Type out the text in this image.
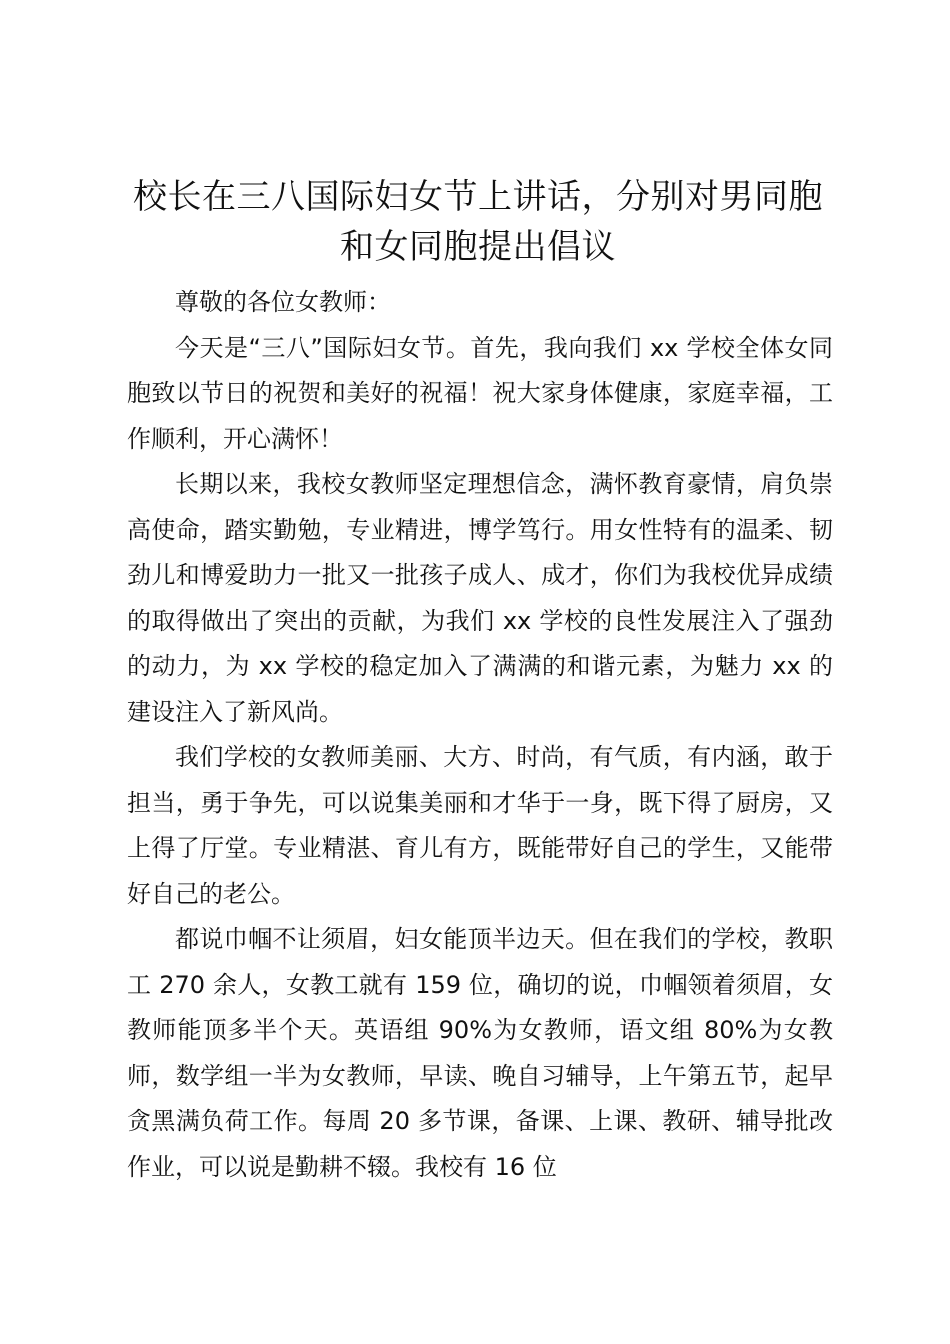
校长在三八国际妇女节上讲话，分别对男同胞和女同胞提出倡议

尊敬的各位女教师：

今天是“三八”国际妇女节。首先，我向我们 xx 学校全体女同胞致以节日的祝贺和美好的祝福！祝大家身体健康，家庭幸福，工作顺利，开心满怀！

长期以来，我校女教师坚定理想信念，满怀教育豪情，肩负崇高使命，踏实勤勉，专业精进，博学笃行。用女性特有的温柔、韧劲儿和博爱助力一批又一批孩子成人、成才，你们为我校优异成绩的取得做出了突出的贡献，为我们 xx 学校的良性发展注入了强劲的动力，为 xx 学校的稳定加入了满满的和谐元素，为魅力 xx 的建设注入了新风尚。

我们学校的女教师美丽、大方、时尚，有气质，有内涵，敢于担当，勇于争先，可以说集美丽和才华于一身，既下得了厨房，又上得了厅堂。专业精湛、育儿有方，既能带好自己的学生，又能带好自己的老公。

都说巾帼不让须眉，妇女能顶半边天。但在我们的学校，教职工 270 余人，女教工就有 159 位，确切的说，巾帼领着须眉，女教师能顶多半个天。英语组 90%为女教师，语文组 80%为女教师，数学组一半为女教师，早读、晚自习辅导，上午第五节，起早贪黑满负荷工作。每周 20 多节课，备课、上课、教研、辅导批改作业，可以说是勤耕不辍。我校有 16 位
